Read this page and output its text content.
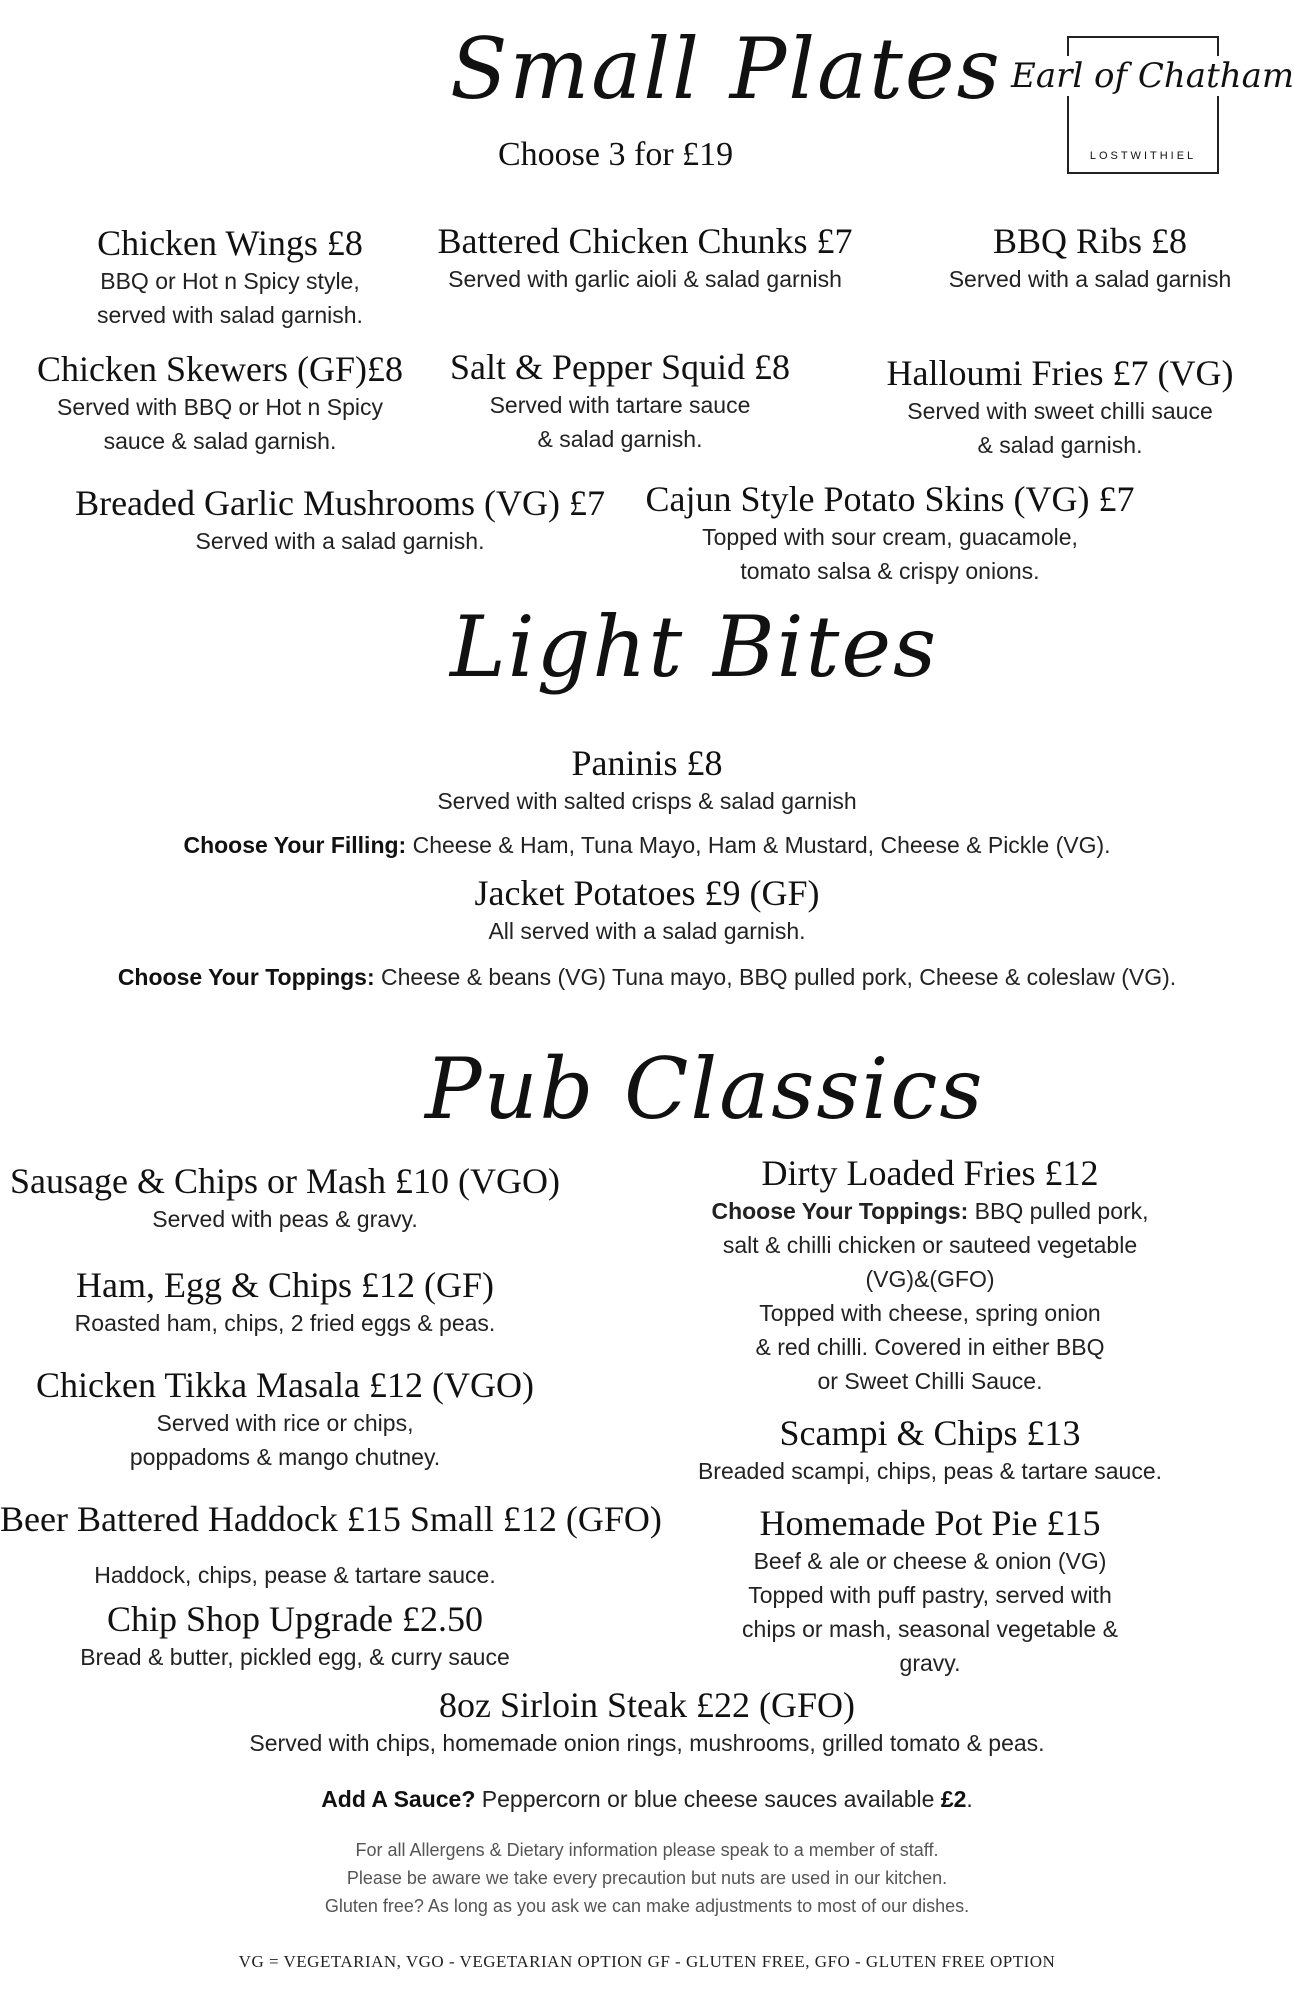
Earl of Chatham
LOSTWITHIEL
Small Plates
Choose 3 for £19
Chicken Wings £8
BBQ or Hot n Spicy style,
served with salad garnish.
Battered Chicken Chunks £7
Served with garlic aioli & salad garnish
BBQ Ribs £8
Served with a salad garnish
Chicken Skewers (GF)£8
Served with BBQ or Hot n Spicy
sauce & salad garnish.
Salt & Pepper Squid £8
Served with tartare sauce
& salad garnish.
Halloumi Fries £7 (VG)
Served with sweet chilli sauce
& salad garnish.
Breaded Garlic Mushrooms (VG) £7
Served with a salad garnish.
Cajun Style Potato Skins (VG) £7
Topped with sour cream, guacamole,
tomato salsa & crispy onions.
Light Bites
Paninis £8
Served with salted crisps & salad garnish
Choose Your Filling: Cheese & Ham, Tuna Mayo, Ham & Mustard, Cheese & Pickle (VG).
Jacket Potatoes £9 (GF)
All served with a salad garnish.
Choose Your Toppings: Cheese & beans (VG) Tuna mayo, BBQ pulled pork, Cheese & coleslaw (VG).
Pub Classics
Sausage & Chips or Mash £10 (VGO)
Served with peas & gravy.
Ham, Egg & Chips £12 (GF)
Roasted ham, chips, 2 fried eggs & peas.
Chicken Tikka Masala £12 (VGO)
Served with rice or chips,
poppadoms & mango chutney.
Beer Battered Haddock £15 Small £12 (GFO)
Haddock, chips, pease & tartare sauce.
Chip Shop Upgrade £2.50
Bread & butter, pickled egg, & curry sauce
Dirty Loaded Fries £12
Choose Your Toppings: BBQ pulled pork,
salt & chilli chicken or sauteed vegetable
(VG)&(GFO)
Topped with cheese, spring onion
& red chilli. Covered in either BBQ
or Sweet Chilli Sauce.
Scampi & Chips £13
Breaded scampi, chips, peas & tartare sauce.
Homemade Pot Pie £15
Beef & ale or cheese & onion (VG)
Topped with puff pastry, served with
chips or mash, seasonal vegetable &
gravy.
8oz Sirloin Steak £22 (GFO)
Served with chips, homemade onion rings, mushrooms, grilled tomato & peas.
Add A Sauce? Peppercorn or blue cheese sauces available £2.
For all Allergens & Dietary information please speak to a member of staff.
Please be aware we take every precaution but nuts are used in our kitchen.
Gluten free? As long as you ask we can make adjustments to most of our dishes.
VG = VEGETARIAN, VGO - VEGETARIAN OPTION GF - GLUTEN FREE, GFO - GLUTEN FREE OPTION
